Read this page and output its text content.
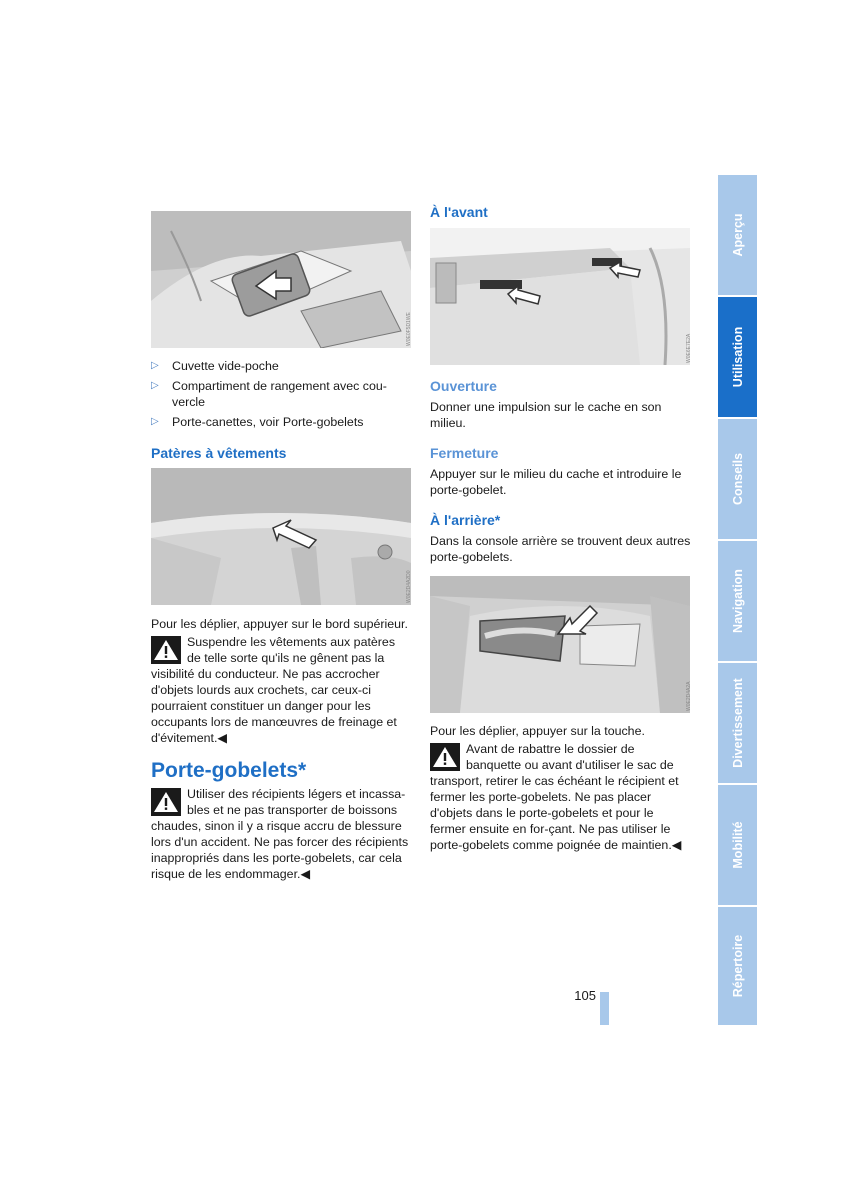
W0E0F5D1WE
▷	Cuvette vide-poche
▷	Compartiment de rangement avec cou-
vercle
▷	Porte-canettes, voir Porte-gobelets
Patères à vêtements
W0E2D4A2D0
Pour les déplier, appuyer sur le bord supérieur.
Suspendre les vêtements aux patères de telle sorte qu'ils ne gênent pas la visibilité du conducteur. Ne pas accrocher d'objets lourds aux crochets, car ceux-ci pourraient constituer un danger pour les occupants lors de manœuvres de freinage et d'évitement.◀
Porte-gobelets*
Utiliser des récipients légers et incassa-bles et ne pas transporter de boissons chaudes, sinon il y a risque accru de blessure lors d'un accident. Ne pas forcer des récipients inappropriés dans les porte-gobelets, car cela risque de les endommager.◀
À l'avant
W0E6E7E2A
Ouverture
Donner une impulsion sur le cache en son milieu.
Fermeture
Appuyer sur le milieu du cache et introduire le porte-gobelet.
À l'arrière*
Dans la console arrière se trouvent deux autres porte-gobelets.
W0E2D4A2A
Pour les déplier, appuyer sur la touche.
Avant de rabattre le dossier de banquette ou avant d'utiliser le sac de transport, retirer le cas échéant le récipient et fermer les porte-gobelets. Ne pas placer d'objets dans le porte-gobelets et pour le fermer ensuite en for-çant. Ne pas utiliser le porte-gobelets comme poignée de maintien.◀
Aperçu
Utilisation
Conseils
Navigation
Divertissement
Mobilité
Répertoire
105
